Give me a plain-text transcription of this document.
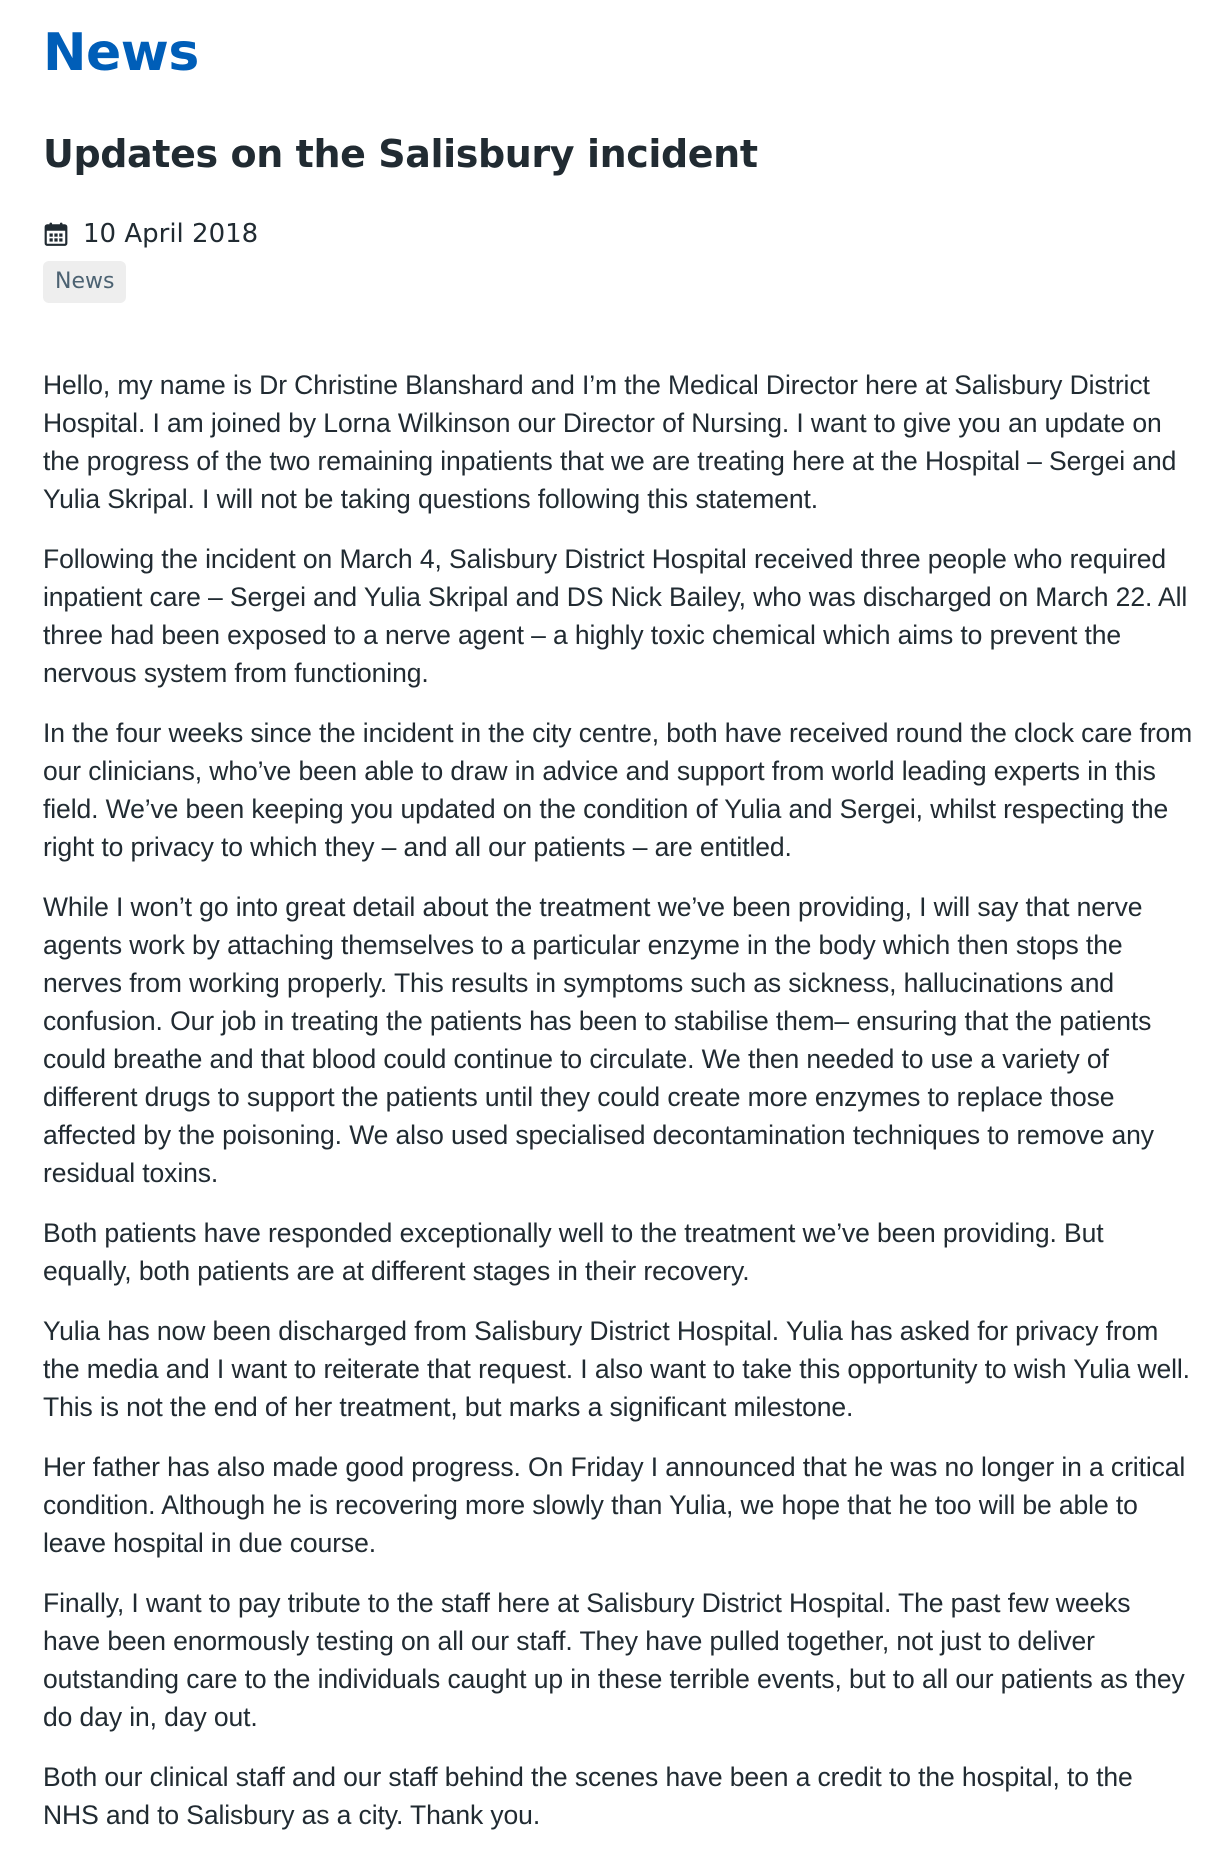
News
Updates on the Salisbury incident
10 April 2018
News

Hello, my name is Dr Christine Blanshard and I’m the Medical Director here at Salisbury District Hospital. I am joined by Lorna Wilkinson our Director of Nursing. I want to give you an update on the progress of the two remaining inpatients that we are treating here at the Hospital – Sergei and Yulia Skripal. I will not be taking questions following this statement.

Following the incident on March 4, Salisbury District Hospital received three people who required inpatient care – Sergei and Yulia Skripal and DS Nick Bailey, who was discharged on March 22. All three had been exposed to a nerve agent – a highly toxic chemical which aims to prevent the nervous system from functioning.

In the four weeks since the incident in the city centre, both have received round the clock care from our clinicians, who’ve been able to draw in advice and support from world leading experts in this field. We’ve been keeping you updated on the condition of Yulia and Sergei, whilst respecting the right to privacy to which they – and all our patients – are entitled.

While I won’t go into great detail about the treatment we’ve been providing, I will say that nerve agents work by attaching themselves to a particular enzyme in the body which then stops the nerves from working properly. This results in symptoms such as sickness, hallucinations and confusion. Our job in treating the patients has been to stabilise them– ensuring that the patients could breathe and that blood could continue to circulate. We then needed to use a variety of different drugs to support the patients until they could create more enzymes to replace those affected by the poisoning. We also used specialised decontamination techniques to remove any residual toxins.

Both patients have responded exceptionally well to the treatment we’ve been providing. But equally, both patients are at different stages in their recovery.

Yulia has now been discharged from Salisbury District Hospital. Yulia has asked for privacy from the media and I want to reiterate that request. I also want to take this opportunity to wish Yulia well. This is not the end of her treatment, but marks a significant milestone.

Her father has also made good progress. On Friday I announced that he was no longer in a critical condition. Although he is recovering more slowly than Yulia, we hope that he too will be able to leave hospital in due course.

Finally, I want to pay tribute to the staff here at Salisbury District Hospital. The past few weeks have been enormously testing on all our staff. They have pulled together, not just to deliver outstanding care to the individuals caught up in these terrible events, but to all our patients as they do day in, day out.

Both our clinical staff and our staff behind the scenes have been a credit to the hospital, to the NHS and to Salisbury as a city. Thank you.
